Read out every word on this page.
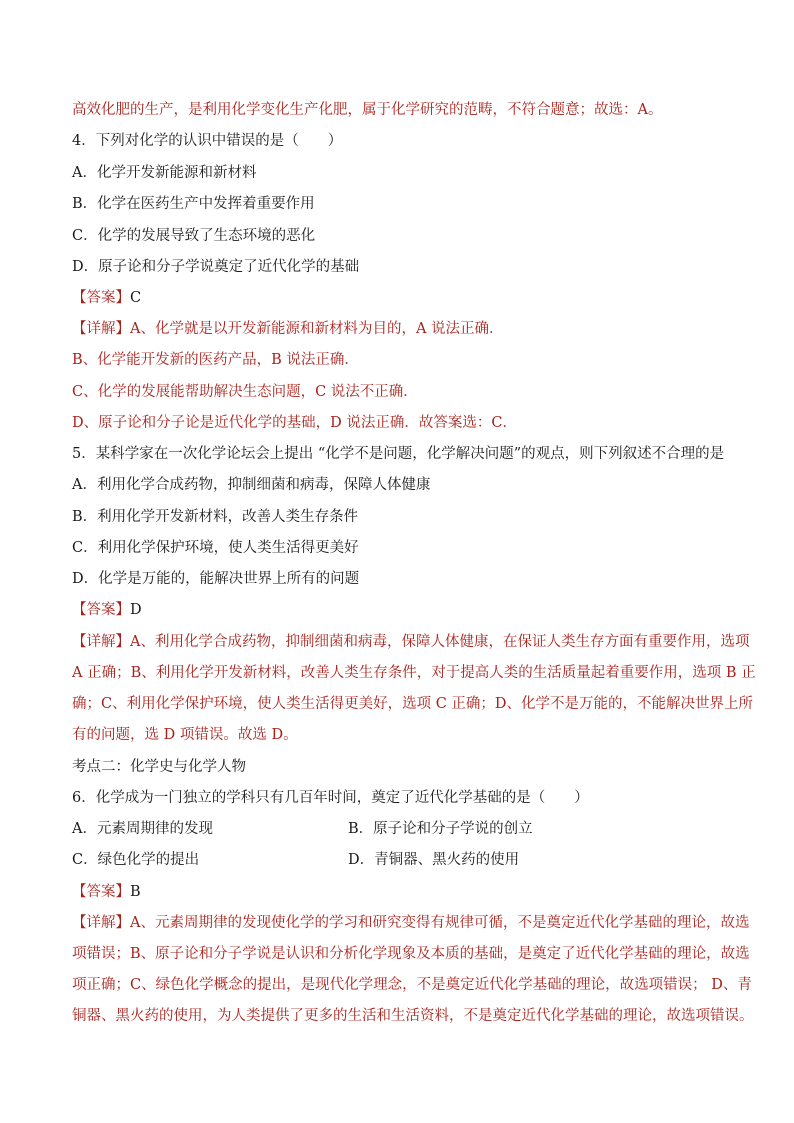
高效化肥的生产，是利用化学变化生产化肥，属于化学研究的范畴，不符合题意；故选：A。
4．下列对化学的认识中错误的是（　　）
A．化学开发新能源和新材料
B．化学在医药生产中发挥着重要作用
C．化学的发展导致了生态环境的恶化
D．原子论和分子学说奠定了近代化学的基础
【答案】C
【详解】A、化学就是以开发新能源和新材料为目的，A 说法正确．
B、化学能开发新的医药产品，B 说法正确．
C、化学的发展能帮助解决生态问题，C 说法不正确．
D、原子论和分子论是近代化学的基础，D 说法正确．故答案选：C．
5．某科学家在一次化学论坛会上提出 “化学不是问题，化学解决问题”的观点，则下列叙述不合理的是
A．利用化学合成药物，抑制细菌和病毒，保障人体健康
B．利用化学开发新材料，改善人类生存条件
C．利用化学保护环境，使人类生活得更美好
D．化学是万能的，能解决世界上所有的问题
【答案】D
【详解】A、利用化学合成药物，抑制细菌和病毒，保障人体健康，在保证人类生存方面有重要作用，选项
A 正确；B、利用化学开发新材料，改善人类生存条件，对于提高人类的生活质量起着重要作用，选项 B 正
确；C、利用化学保护环境，使人类生活得更美好，选项 C 正确；D、化学不是万能的，不能解决世界上所
有的问题，选 D 项错误。故选 D。
考点二：化学史与化学人物
6．化学成为一门独立的学科只有几百年时间，奠定了近代化学基础的是（　　）
A．元素周期律的发现	B．原子论和分子学说的创立
C．绿色化学的提出	D．青铜器、黑火药的使用
【答案】B
【详解】A、元素周期律的发现使化学的学习和研究变得有规律可循，不是奠定近代化学基础的理论，故选
项错误；B、原子论和分子学说是认识和分析化学现象及本质的基础，是奠定了近代化学基础的理论，故选
项正确；C、绿色化学概念的提出，是现代化学理念，不是奠定近代化学基础的理论，故选项错误； D、青
铜器、黑火药的使用，为人类提供了更多的生活和生活资料，不是奠定近代化学基础的理论，故选项错误。
